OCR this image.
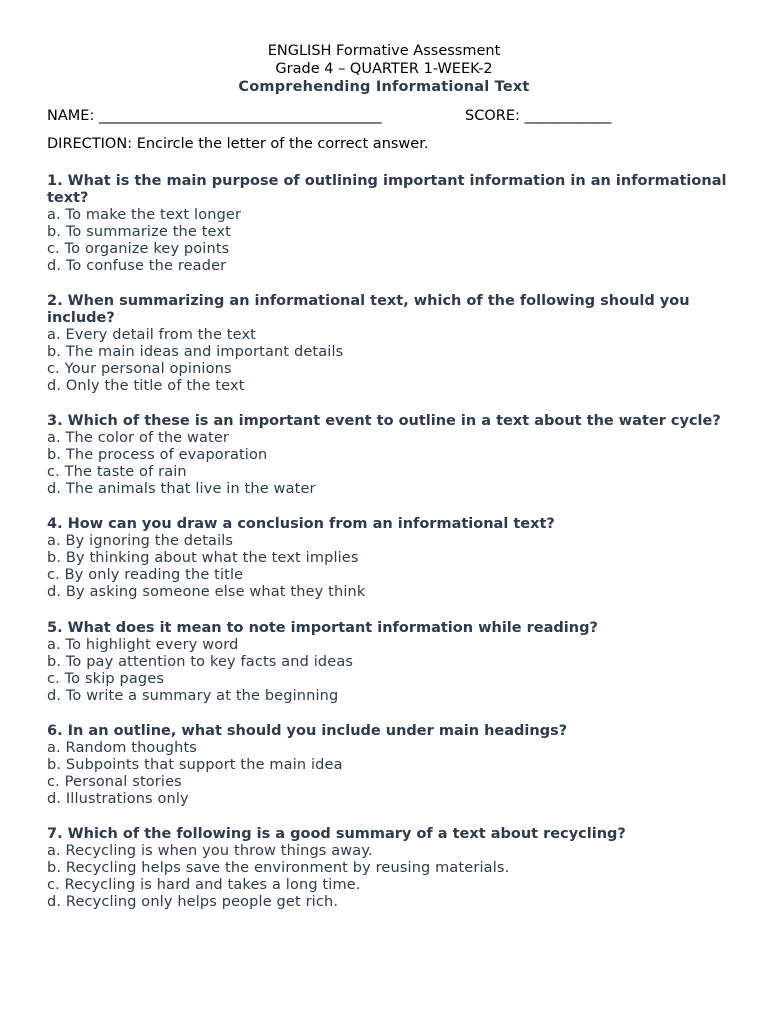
ENGLISH Formative Assessment
Grade 4 – QUARTER 1-WEEK-2
Comprehending Informational Text
NAME: _______________________________________	SCORE: ____________
DIRECTION: Encircle the letter of the correct answer.
1. What is the main purpose of outlining important information in an informational text?
a. To make the text longer
b. To summarize the text
c. To organize key points
d. To confuse the reader
2. When summarizing an informational text, which of the following should you include?
a. Every detail from the text
b. The main ideas and important details
c. Your personal opinions
d. Only the title of the text
3. Which of these is an important event to outline in a text about the water cycle?
a. The color of the water
b. The process of evaporation
c. The taste of rain
d. The animals that live in the water
4. How can you draw a conclusion from an informational text?
a. By ignoring the details
b. By thinking about what the text implies
c. By only reading the title
d. By asking someone else what they think
5. What does it mean to note important information while reading?
a. To highlight every word
b. To pay attention to key facts and ideas
c. To skip pages
d. To write a summary at the beginning
6. In an outline, what should you include under main headings?
a. Random thoughts
b. Subpoints that support the main idea
c. Personal stories
d. Illustrations only
7. Which of the following is a good summary of a text about recycling?
a. Recycling is when you throw things away.
b. Recycling helps save the environment by reusing materials.
c. Recycling is hard and takes a long time.
d. Recycling only helps people get rich.
